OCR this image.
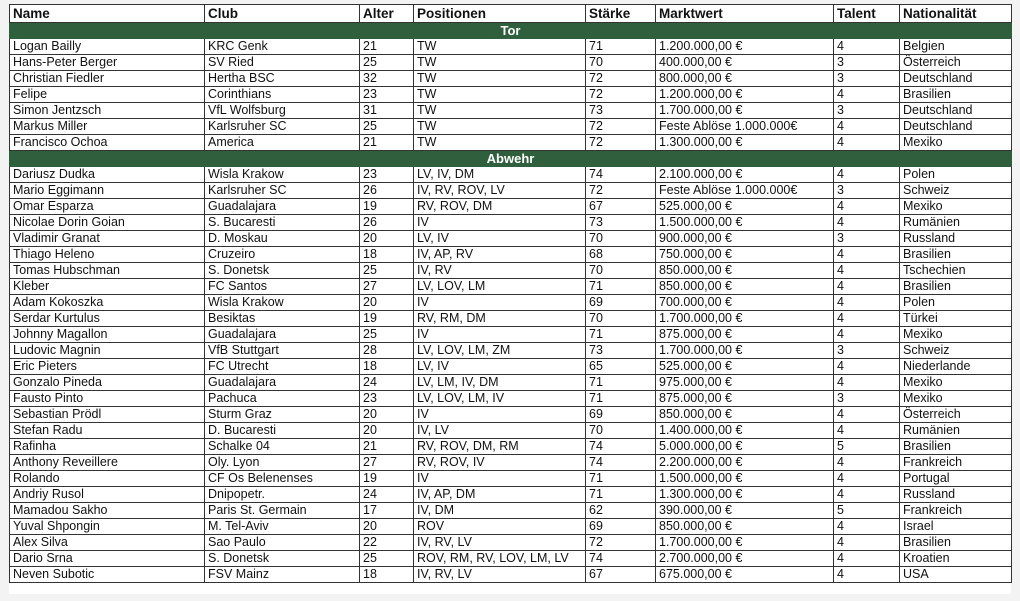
Name	Club	Alter	Positionen	Stärke	Marktwert	Talent	Nationalität
Tor							
Logan Bailly	KRC Genk	21	TW	71	1.200.000,00 €	4	Belgien
Hans-Peter Berger	SV Ried	25	TW	70	400.000,00 €	3	Österreich
Christian Fiedler	Hertha BSC	32	TW	72	800.000,00 €	3	Deutschland
Felipe	Corinthians	23	TW	72	1.200.000,00 €	4	Brasilien
Simon Jentzsch	VfL Wolfsburg	31	TW	73	1.700.000,00 €	3	Deutschland
Markus Miller	Karlsruher SC	25	TW	72	Feste Ablöse 1.000.000€	4	Deutschland
Francisco Ochoa	America	21	TW	72	1.300.000,00 €	4	Mexiko
Abwehr							
Dariusz Dudka	Wisla Krakow	23	LV, IV, DM	74	2.100.000,00 €	4	Polen
Mario Eggimann	Karlsruher SC	26	IV, RV, ROV, LV	72	Feste Ablöse 1.000.000€	3	Schweiz
Omar Esparza	Guadalajara	19	RV, ROV, DM	67	525.000,00 €	4	Mexiko
Nicolae Dorin Goian	S. Bucaresti	26	IV	73	1.500.000,00 €	4	Rumänien
Vladimir Granat	D. Moskau	20	LV, IV	70	900.000,00 €	3	Russland
Thiago Heleno	Cruzeiro	18	IV, AP, RV	68	750.000,00 €	4	Brasilien
Tomas Hubschman	S. Donetsk	25	IV, RV	70	850.000,00 €	4	Tschechien
Kleber	FC Santos	27	LV, LOV, LM	71	850.000,00 €	4	Brasilien
Adam Kokoszka	Wisla Krakow	20	IV	69	700.000,00 €	4	Polen
Serdar Kurtulus	Besiktas	19	RV, RM, DM	70	1.700.000,00 €	4	Türkei
Johnny Magallon	Guadalajara	25	IV	71	875.000,00 €	4	Mexiko
Ludovic Magnin	VfB Stuttgart	28	LV, LOV, LM, ZM	73	1.700.000,00 €	3	Schweiz
Eric Pieters	FC Utrecht	18	LV, IV	65	525.000,00 €	4	Niederlande
Gonzalo Pineda	Guadalajara	24	LV, LM, IV, DM	71	975.000,00 €	4	Mexiko
Fausto Pinto	Pachuca	23	LV, LOV, LM, IV	71	875.000,00 €	3	Mexiko
Sebastian Prödl	Sturm Graz	20	IV	69	850.000,00 €	4	Österreich
Stefan Radu	D. Bucaresti	20	IV, LV	70	1.400.000,00 €	4	Rumänien
Rafinha	Schalke 04	21	RV, ROV, DM, RM	74	5.000.000,00 €	5	Brasilien
Anthony Reveillere	Oly. Lyon	27	RV, ROV, IV	74	2.200.000,00 €	4	Frankreich
Rolando	CF Os Belenenses	19	IV	71	1.500.000,00 €	4	Portugal
Andriy Rusol	Dnipopetr.	24	IV, AP, DM	71	1.300.000,00 €	4	Russland
Mamadou Sakho	Paris St. Germain	17	IV, DM	62	390.000,00 €	5	Frankreich
Yuval Shpongin	M. Tel-Aviv	20	ROV	69	850.000,00 €	4	Israel
Alex Silva	Sao Paulo	22	IV, RV, LV	72	1.700.000,00 €	4	Brasilien
Dario Srna	S. Donetsk	25	ROV, RM, RV, LOV, LM, LV	74	2.700.000,00 €	4	Kroatien
Neven Subotic	FSV Mainz	18	IV, RV, LV	67	675.000,00 €	4	USA
